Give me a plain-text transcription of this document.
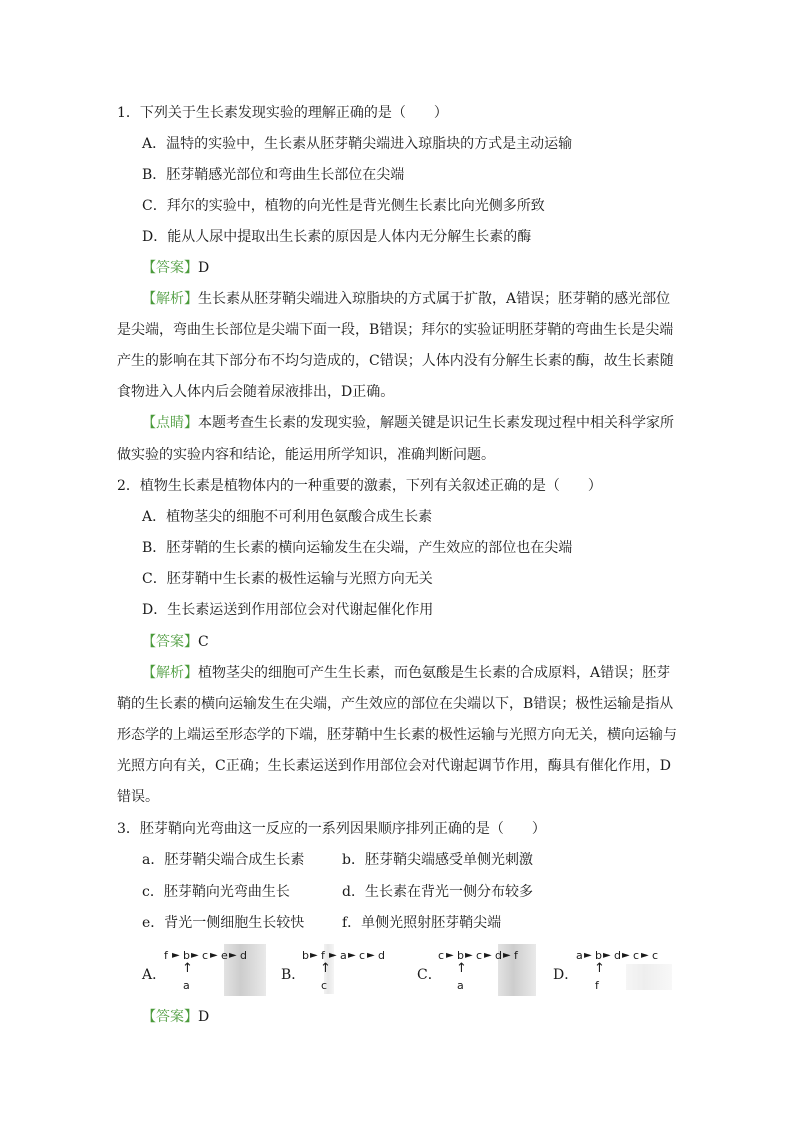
1．下列关于生长素发现实验的理解正确的是（　　）
A．温特的实验中，生长素从胚芽鞘尖端进入琼脂块的方式是主动运输
B．胚芽鞘感光部位和弯曲生长部位在尖端
C．拜尔的实验中，植物的向光性是背光侧生长素比向光侧多所致
D．能从人尿中提取出生长素的原因是人体内无分解生长素的酶
【答案】D
【解析】生长素从胚芽鞘尖端进入琼脂块的方式属于扩散，A错误；胚芽鞘的感光部位
是尖端，弯曲生长部位是尖端下面一段，B错误；拜尔的实验证明胚芽鞘的弯曲生长是尖端
产生的影响在其下部分布不均匀造成的，C错误；人体内没有分解生长素的酶，故生长素随
食物进入人体内后会随着尿液排出，D正确。
【点睛】本题考查生长素的发现实验，解题关键是识记生长素发现过程中相关科学家所
做实验的实验内容和结论，能运用所学知识，准确判断问题。
2．植物生长素是植物体内的一种重要的激素，下列有关叙述正确的是（　　）
A．植物茎尖的细胞不可利用色氨酸合成生长素
B．胚芽鞘的生长素的横向运输发生在尖端，产生效应的部位也在尖端
C．胚芽鞘中生长素的极性运输与光照方向无关
D．生长素运送到作用部位会对代谢起催化作用
【答案】C
【解析】植物茎尖的细胞可产生生长素，而色氨酸是生长素的合成原料，A错误；胚芽
鞘的生长素的横向运输发生在尖端，产生效应的部位在尖端以下，B错误；极性运输是指从
形态学的上端运至形态学的下端，胚芽鞘中生长素的极性运输与光照方向无关，横向运输与
光照方向有关，C正确；生长素运送到作用部位会对代谢起调节作用，酶具有催化作用，D
错误。
3．胚芽鞘向光弯曲这一反应的一系列因果顺序排列正确的是（　　）
a．胚芽鞘尖端合成生长素	b．胚芽鞘尖端感受单侧光刺激
c．胚芽鞘向光弯曲生长	d．生长素在背光一侧分布较多
e．背光一侧细胞生长较快	f．单侧光照射胚芽鞘尖端
A．	B．	C．	D．
f ► b ► c ► e ► d
↑
a
b ► f ► a ► c ► d
↑
c
c ► b ► c ► d ► f
↑
a
a ► b ► d ► c ► c
↑
f
【答案】D
